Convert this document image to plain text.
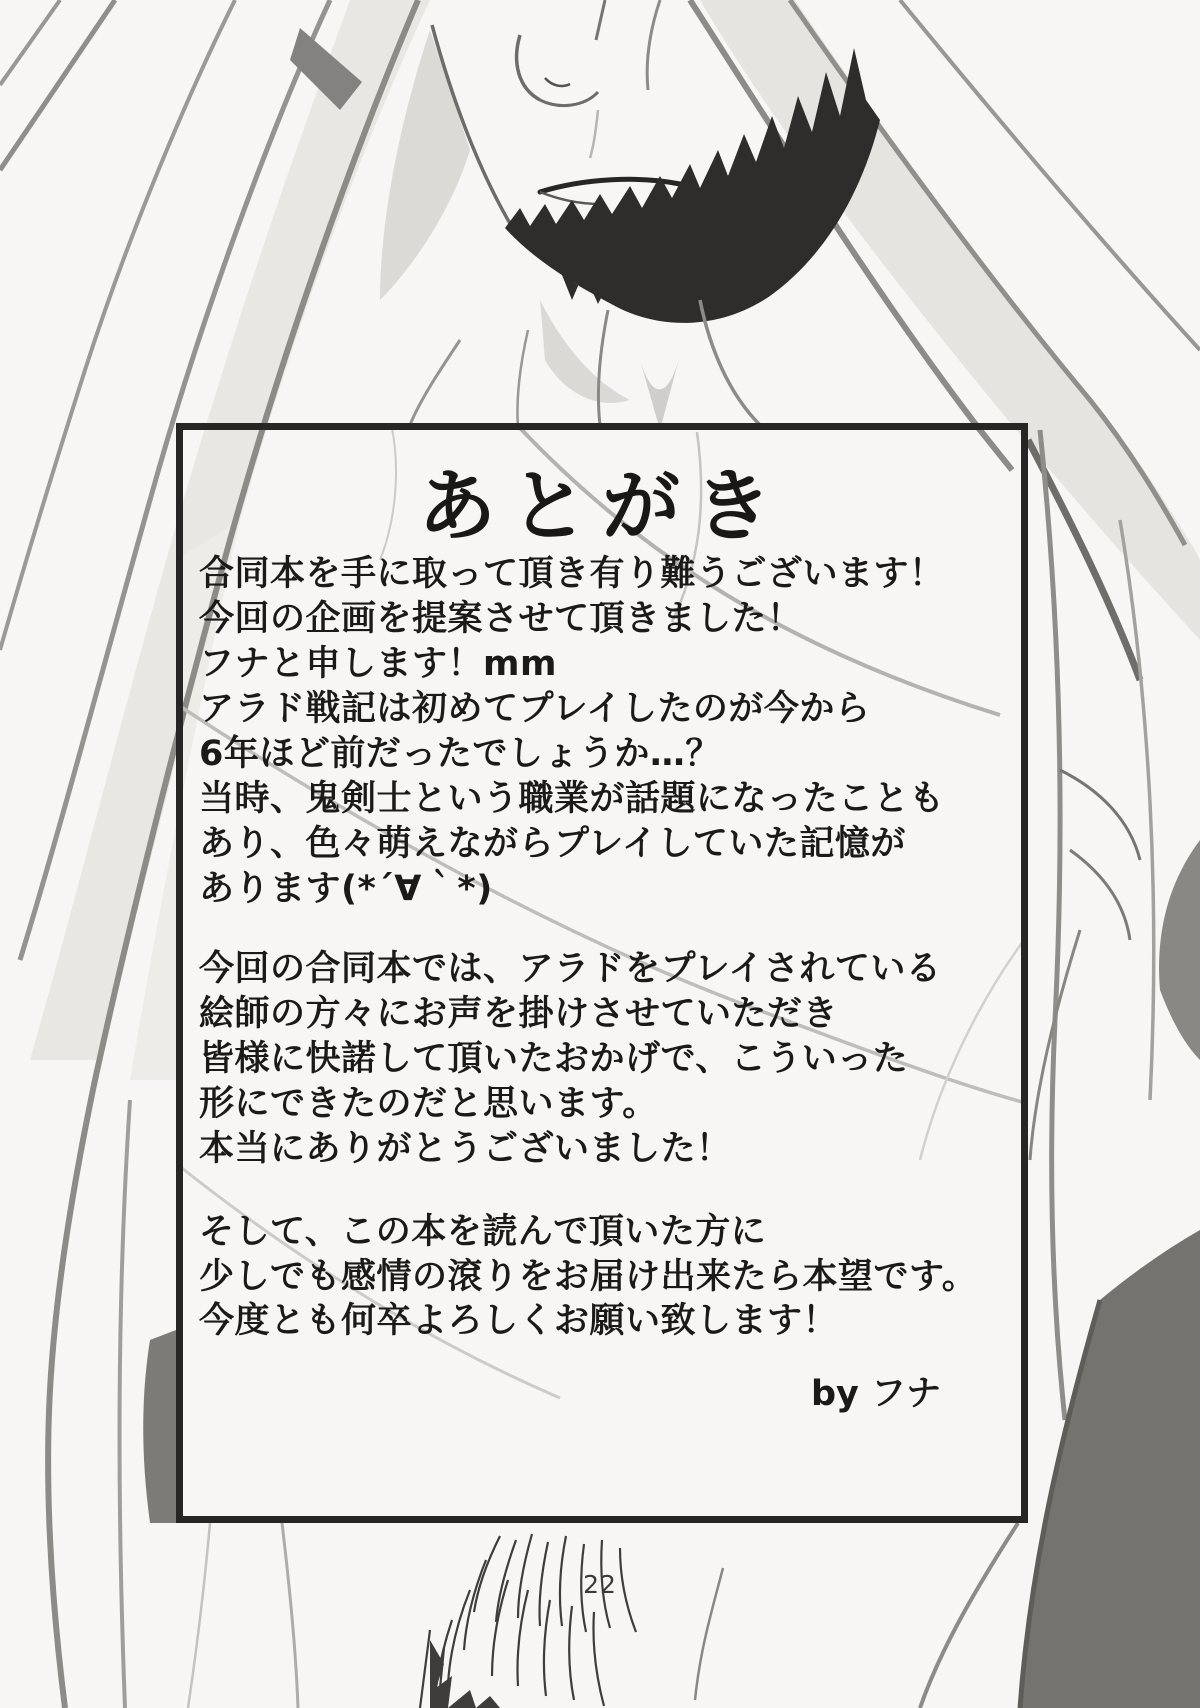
あとがき
合同本を手に取って頂き有り難うございます！
今回の企画を提案させて頂きました！
フナと申します！mm
アラド戦記は初めてプレイしたのが今から
6年ほど前だったでしょうか…？
当時、鬼剣士という職業が話題になったことも
あり、色々萌えながらプレイしていた記憶が
あります(*´∀｀*)
今回の合同本では、アラドをプレイされている
絵師の方々にお声を掛けさせていただき
皆様に快諾して頂いたおかげで、こういった
形にできたのだと思います。
本当にありがとうございました！
そして、この本を読んで頂いた方に
少しでも感情の滾りをお届け出来たら本望です。
今度とも何卒よろしくお願い致します！
by フナ
22
